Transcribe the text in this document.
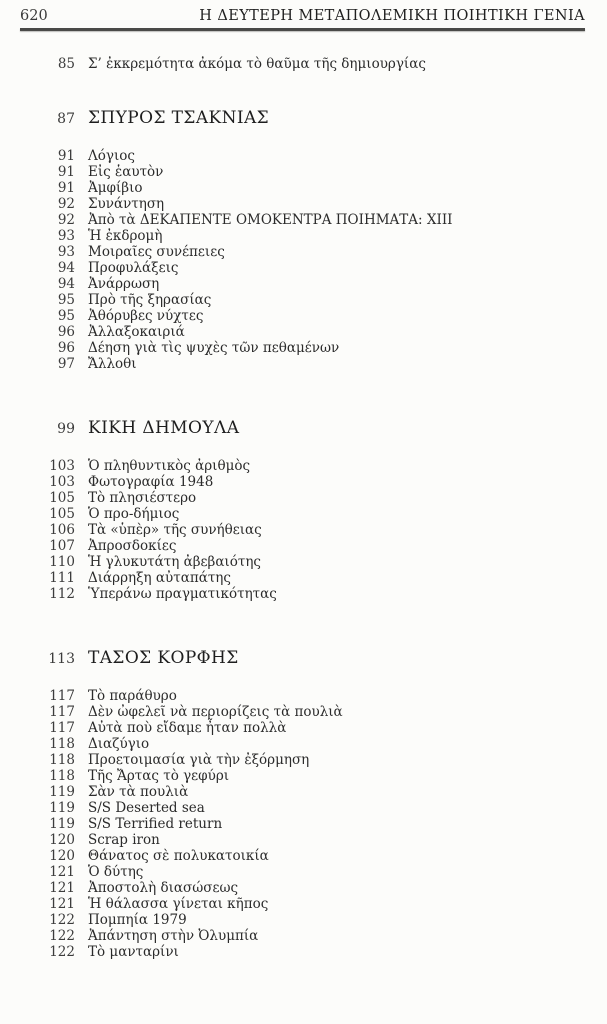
620	Η ΔΕΥΤΕΡΗ ΜΕΤΑΠΟΛΕΜΙΚΗ ΠΟΙΗΤΙΚΗ ΓΕΝΙΑ
85 Σ’ ἐκκρεμότητα ἀκόμα τὸ θαῦμα τῆς δημιουργίας
87 ΣΠΥΡΟΣ ΤΣΑΚΝΙΑΣ
91 Λόγιος
91 Εἰς ἑαυτὸν
91 Ἀμφίβιο
92 Συνάντηση
92 Ἀπὸ τὰ ΔΕΚΑΠΕΝΤΕ ΟΜΟΚΕΝΤΡΑ ΠΟΙΗΜΑΤΑ: XIII
93 Ἡ ἐκδρομὴ
93 Μοιραῖες συνέπειες
94 Προφυλάξεις
94 Ἀνάρρωση
95 Πρὸ τῆς ξηρασίας
95 Ἀθόρυβες νύχτες
96 Ἀλλαξοκαιριά
96 Δέηση γιὰ τὶς ψυχὲς τῶν πεθαμένων
97 Ἄλλοθι
99 ΚΙΚΗ ΔΗΜΟΥΛΑ
103 Ὁ πληθυντικὸς ἀριθμὸς
103 Φωτογραφία 1948
105 Τὸ πλησιέστερο
105 Ὁ προ-δήμιος
106 Τὰ «ὑπὲρ» τῆς συνήθειας
107 Ἀπροσδοκίες
110 Ἡ γλυκυτάτη ἀβεβαιότης
111 Διάρρηξη αὐταπάτης
112 Ὑπεράνω πραγματικότητας
113 ΤΑΣΟΣ ΚΟΡΦΗΣ
117 Τὸ παράθυρο
117 Δὲν ὠφελεῖ νὰ περιορίζεις τὰ πουλιὰ
117 Αὐτὰ ποὺ εἴδαμε ἦταν πολλὰ
118 Διαζύγιο
118 Προετοιμασία γιὰ τὴν ἐξόρμηση
118 Τῆς Ἄρτας τὸ γεφύρι
119 Σὰν τὰ πουλιὰ
119 S/S Deserted sea
119 S/S Terrified return
120 Scrap iron
120 Θάνατος σὲ πολυκατοικία
121 Ὁ δύτης
121 Ἀποστολὴ διασώσεως
121 Ἡ θάλασσα γίνεται κῆπος
122 Πομπηία 1979
122 Ἀπάντηση στὴν Ὀλυμπία
122 Τὸ μανταρίνι
